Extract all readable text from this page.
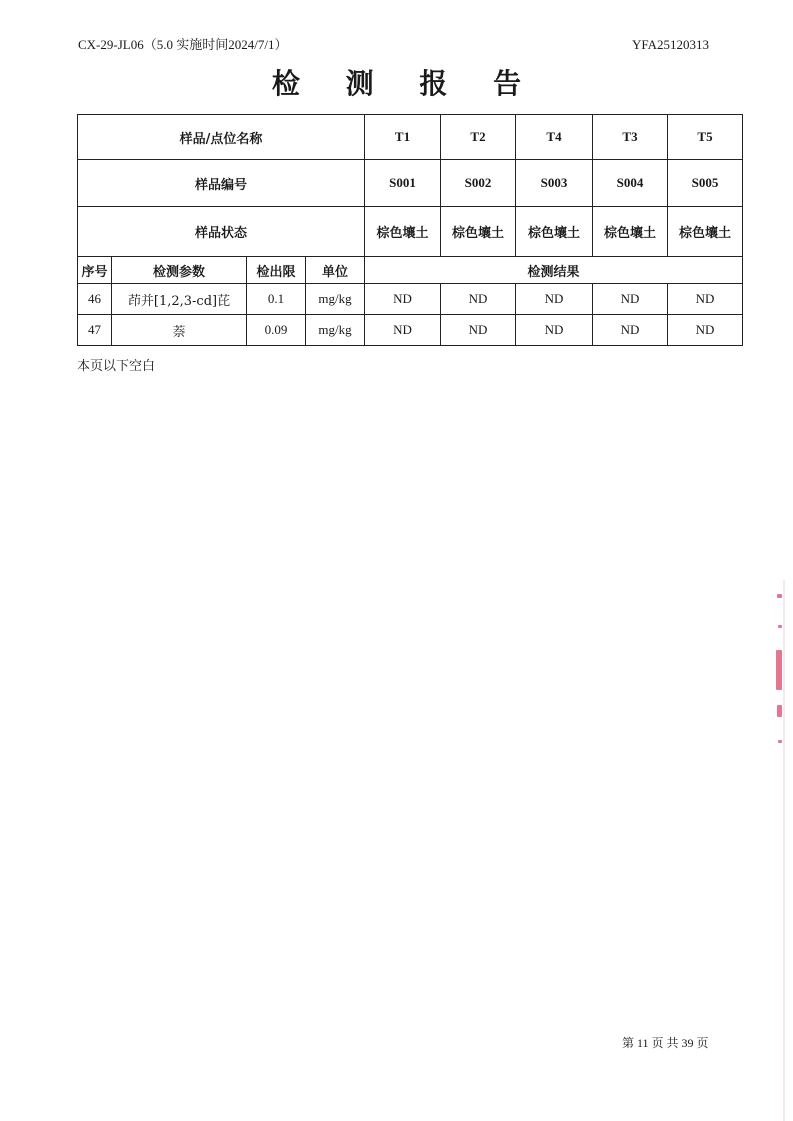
CX-29-JL06（5.0 实施时间2024/7/1）	YFA25120313
检 测 报 告
样品/点位名称				T1	T2	T4	T3	T5
样品编号				S001	S002	S003	S004	S005
样品状态				棕色壤土	棕色壤土	棕色壤土	棕色壤土	棕色壤土
序号	检测参数	检出限	单位	检测结果				
46	茚并[1,2,3-cd]芘	0.1	mg/kg	ND	ND	ND	ND	ND
47	萘	0.09	mg/kg	ND	ND	ND	ND	ND
本页以下空白
第 11 页 共 39 页
